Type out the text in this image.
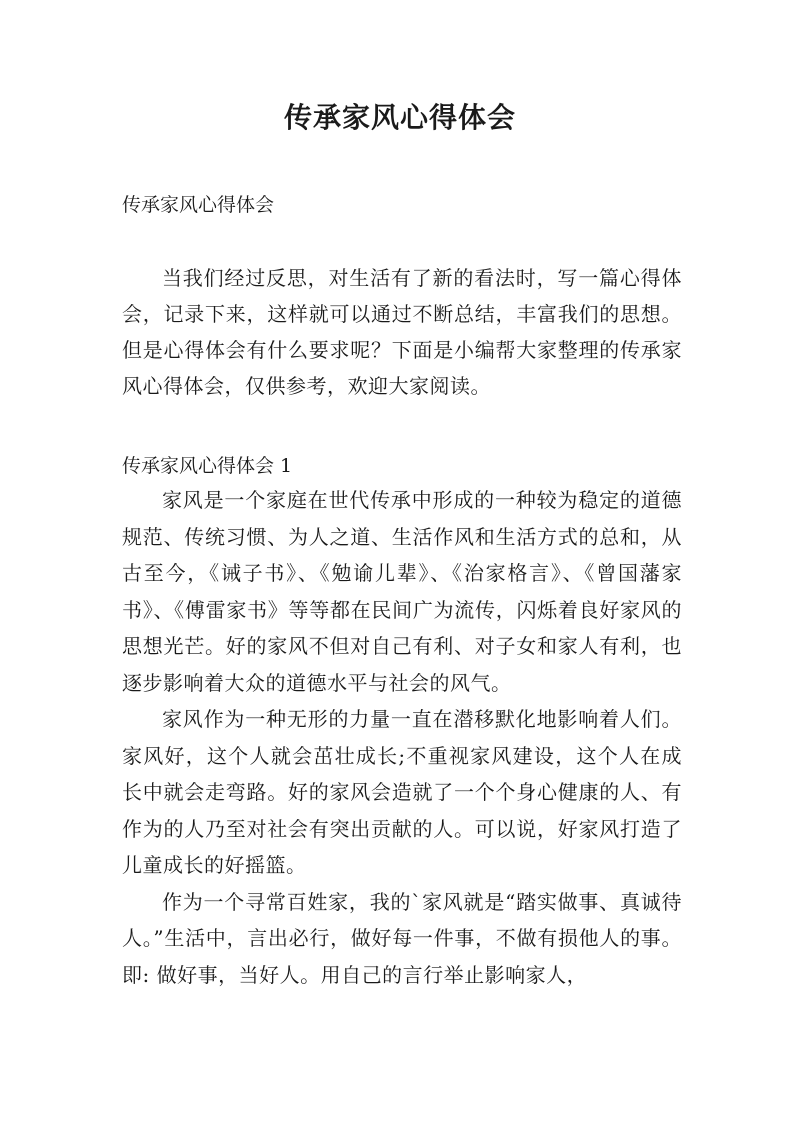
传承家风心得体会

传承家风心得体会

当我们经过反思，对生活有了新的看法时，写一篇心得体会，记录下来，这样就可以通过不断总结，丰富我们的思想。但是心得体会有什么要求呢？下面是小编帮大家整理的传承家风心得体会，仅供参考，欢迎大家阅读。

传承家风心得体会 1

家风是一个家庭在世代传承中形成的一种较为稳定的道德规范、传统习惯、为人之道、生活作风和生活方式的总和，从古至今，《诫子书》、《勉谕儿辈》、《治家格言》、《曾国藩家书》、《傅雷家书》等等都在民间广为流传，闪烁着良好家风的思想光芒。好的家风不但对自己有利、对子女和家人有利，也逐步影响着大众的道德水平与社会的风气。

家风作为一种无形的力量一直在潜移默化地影响着人们。家风好，这个人就会茁壮成长;不重视家风建设，这个人在成长中就会走弯路。好的家风会造就了一个个身心健康的人、有作为的人乃至对社会有突出贡献的人。可以说，好家风打造了儿童成长的好摇篮。

作为一个寻常百姓家，我的`家风就是“踏实做事、真诚待人。”生活中，言出必行，做好每一件事，不做有损他人的事。即: 做好事，当好人。用自己的言行举止影响家人，
